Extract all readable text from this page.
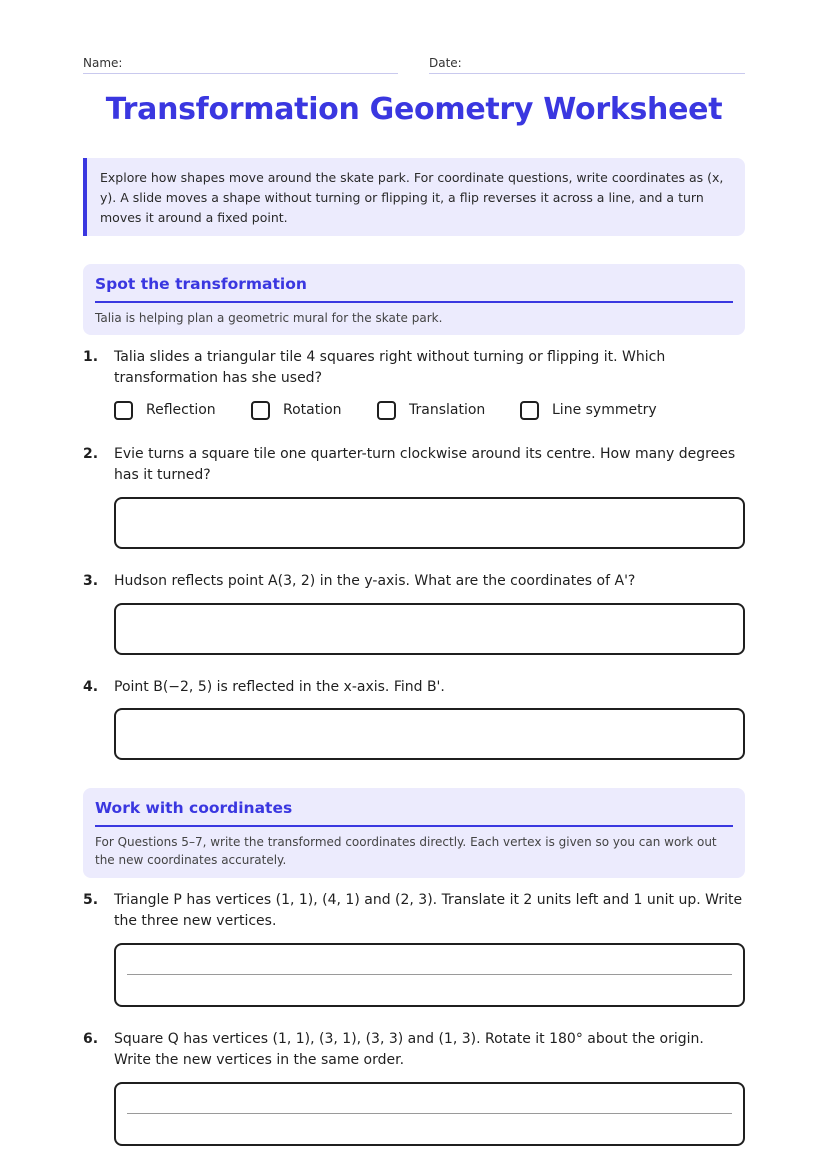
Name:	Date:
Transformation Geometry Worksheet
Explore how shapes move around the skate park. For coordinate questions, write coordinates as (x, y). A slide moves a shape without turning or flipping it, a flip reverses it across a line, and a turn moves it around a fixed point.
Spot the transformation

Talia is helping plan a geometric mural for the skate park.

1. Talia slides a triangular tile 4 squares right without turning or flipping it. Which transformation has she used?
Reflection	Rotation	Translation	Line symmetry
2. Evie turns a square tile one quarter-turn clockwise around its centre. How many degrees has it turned?
3. Hudson reflects point A(3, 2) in the y-axis. What are the coordinates of A'?
4. Point B(−2, 5) is reflected in the x-axis. Find B'.
Work with coordinates

For Questions 5–7, write the transformed coordinates directly. Each vertex is given so you can work out the new coordinates accurately.

5. Triangle P has vertices (1, 1), (4, 1) and (2, 3). Translate it 2 units left and 1 unit up. Write the three new vertices.
6. Square Q has vertices (1, 1), (3, 1), (3, 3) and (1, 3). Rotate it 180° about the origin. Write the new vertices in the same order.
